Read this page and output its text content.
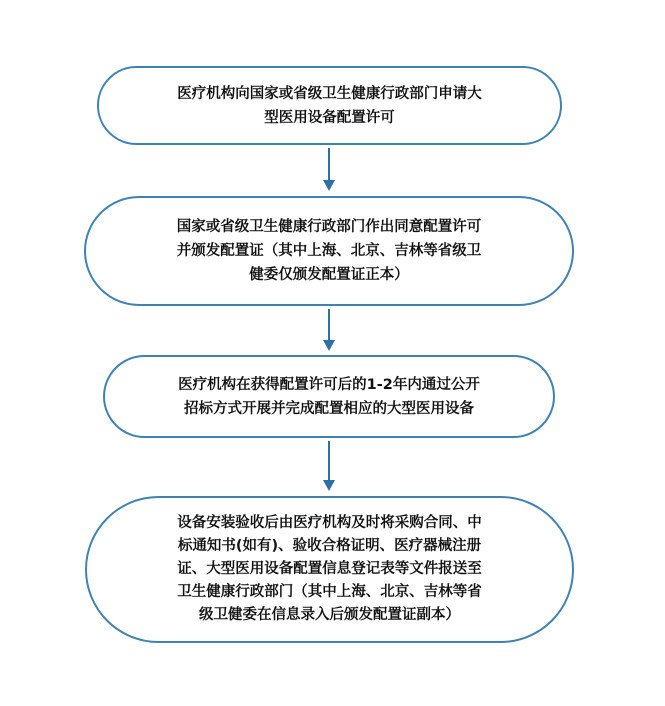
医疗机构向国家或省级卫生健康行政部门申请大
型医用设备配置许可
国家或省级卫生健康行政部门作出同意配置许可
并颁发配置证（其中上海、北京、吉林等省级卫
健委仅颁发配置证正本）
医疗机构在获得配置许可后的1-2年内通过公开
招标方式开展并完成配置相应的大型医用设备
设备安装验收后由医疗机构及时将采购合同、中
标通知书(如有)、验收合格证明、医疗器械注册
证、大型医用设备配置信息登记表等文件报送至
卫生健康行政部门（其中上海、北京、吉林等省
级卫健委在信息录入后颁发配置证副本）
